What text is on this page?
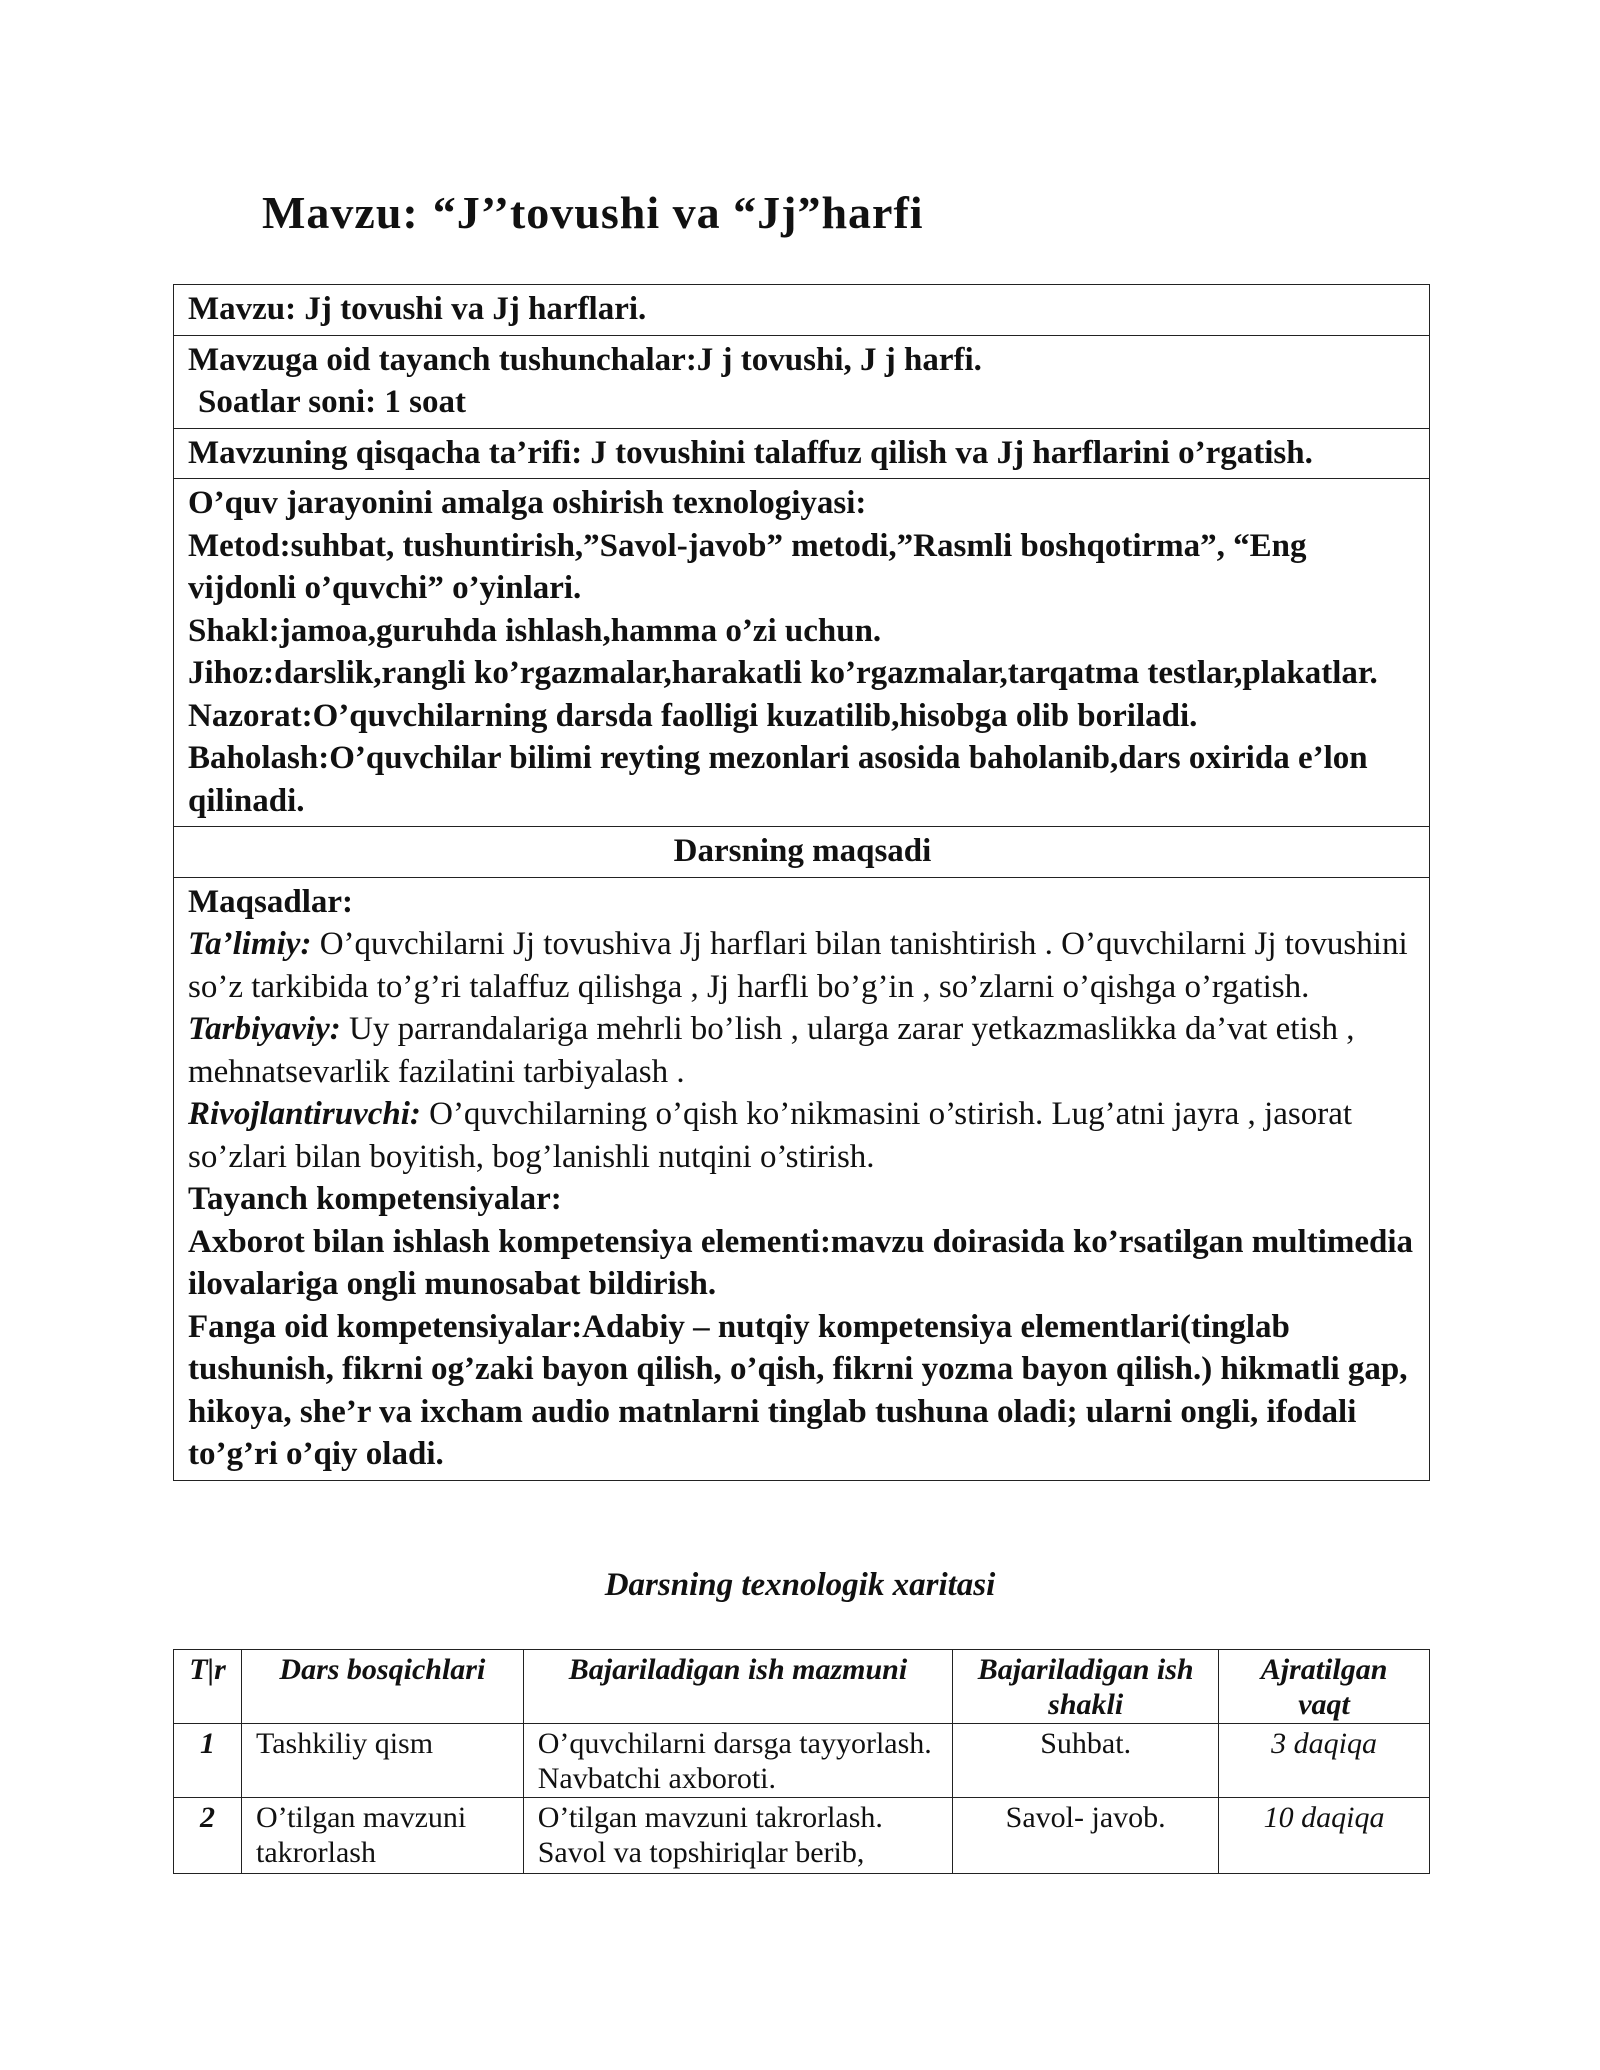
Mavzu: “J’’tovushi va “Jj”harfi

Mavzu: Jj tovushi va Jj harflari.

Mavzuga oid tayanch tushunchalar:J j tovushi, J j harfi.

Soatlar soni: 1 soat

Mavzuning qisqacha ta’rifi: J tovushini talaffuz qilish va Jj harflarini o’rgatish.

O’quv jarayonini amalga oshirish texnologiyasi:

Metod:suhbat, tushuntirish,”Savol-javob” metodi,”Rasmli boshqotirma”, “Eng vijdonli o’quvchi” o’yinlari.

Shakl:jamoa,guruhda ishlash,hamma o’zi uchun.

Jihoz:darslik,rangli ko’rgazmalar,harakatli ko’rgazmalar,tarqatma testlar,plakatlar.

Nazorat:O’quvchilarning darsda faolligi kuzatilib,hisobga olib boriladi.

Baholash:O’quvchilar bilimi reyting mezonlari asosida baholanib,dars oxirida e’lon qilinadi.

Darsning maqsadi

Maqsadlar:

Ta’limiy: O’quvchilarni Jj tovushiva Jj harflari bilan tanishtirish . O’quvchilarni Jj tovushini so’z tarkibida to’g’ri talaffuz qilishga , Jj harfli bo’g’in , so’zlarni o’qishga o’rgatish.

Tarbiyaviy: Uy parrandalariga mehrli bo’lish , ularga zarar yetkazmaslikka da’vat etish , mehnatsevarlik fazilatini tarbiyalash .

Rivojlantiruvchi: O’quvchilarning o’qish ko’nikmasini o’stirish. Lug’atni jayra , jasorat so’zlari bilan boyitish, bog’lanishli nutqini o’stirish.

Tayanch kompetensiyalar:

Axborot bilan ishlash kompetensiya elementi:mavzu doirasida ko’rsatilgan multimedia ilovalariga ongli munosabat bildirish.

Fanga oid kompetensiyalar:Adabiy – nutqiy kompetensiya elementlari(tinglab tushunish, fikrni og’zaki bayon qilish, o’qish, fikrni yozma bayon qilish.) hikmatli gap, hikoya, she’r va ixcham audio matnlarni tinglab tushuna oladi; ularni ongli, ifodali to’g’ri o’qiy oladi.

Darsning texnologik xaritasi

T|r	Dars bosqichlari	Bajariladigan ish mazmuni	Bajariladigan ish shakli	Ajratilgan vaqt
1	Tashkiliy qism	O’quvchilarni darsga tayyorlash. Navbatchi axboroti.	Suhbat.	3 daqiqa
2	O’tilgan mavzuni takrorlash	O’tilgan mavzuni takrorlash. Savol va topshiriqlar berib,	Savol- javob.	10 daqiqa
